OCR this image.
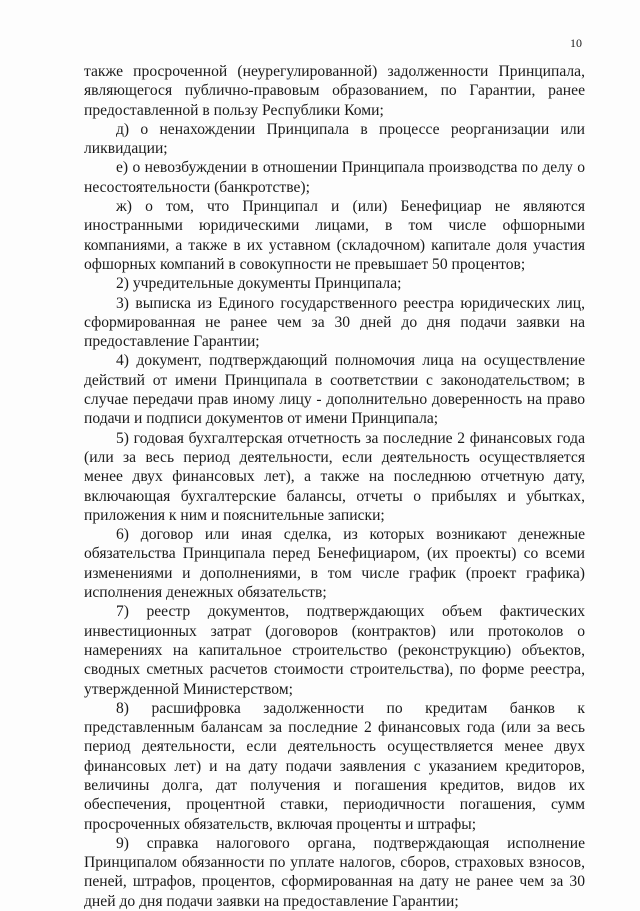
10

также просроченной (неурегулированной) задолженности Принципала, являющегося публично-правовым образованием, по Гарантии, ранее предоставленной в пользу Республики Коми;

д) о ненахождении Принципала в процессе реорганизации или ликвидации;

е) о невозбуждении в отношении Принципала производства по делу о несостоятельности (банкротстве);

ж) о том, что Принципал и (или) Бенефициар не являются иностранными юридическими лицами, в том числе офшорными компаниями, а также в их уставном (складочном) капитале доля участия офшорных компаний в совокупности не превышает 50 процентов;

2) учредительные документы Принципала;

3) выписка из Единого государственного реестра юридических лиц, сформированная не ранее чем за 30 дней до дня подачи заявки на предоставление Гарантии;

4) документ, подтверждающий полномочия лица на осуществление действий от имени Принципала в соответствии с законодательством; в случае передачи прав иному лицу - дополнительно доверенность на право подачи и подписи документов от имени Принципала;

5) годовая бухгалтерская отчетность за последние 2 финансовых года (или за весь период деятельности, если деятельность осуществляется менее двух финансовых лет), а также на последнюю отчетную дату, включающая бухгалтерские балансы, отчеты о прибылях и убытках, приложения к ним и пояснительные записки;

6) договор или иная сделка, из которых возникают денежные обязательства Принципала перед Бенефициаром, (их проекты) со всеми изменениями и дополнениями, в том числе график (проект графика) исполнения денежных обязательств;

7) реестр документов, подтверждающих объем фактических инвестиционных затрат (договоров (контрактов) или протоколов о намерениях на капитальное строительство (реконструкцию) объектов, сводных сметных расчетов стоимости строительства), по форме реестра, утвержденной Министерством;

8) расшифровка задолженности по кредитам банков к представленным балансам за последние 2 финансовых года (или за весь период деятельности, если деятельность осуществляется менее двух финансовых лет) и на дату подачи заявления с указанием кредиторов, величины долга, дат получения и погашения кредитов, видов их обеспечения, процентной ставки, периодичности погашения, сумм просроченных обязательств, включая проценты и штрафы;

9) справка налогового органа, подтверждающая исполнение Принципалом обязанности по уплате налогов, сборов, страховых взносов, пеней, штрафов, процентов, сформированная на дату не ранее чем за 30 дней до дня подачи заявки на предоставление Гарантии;
